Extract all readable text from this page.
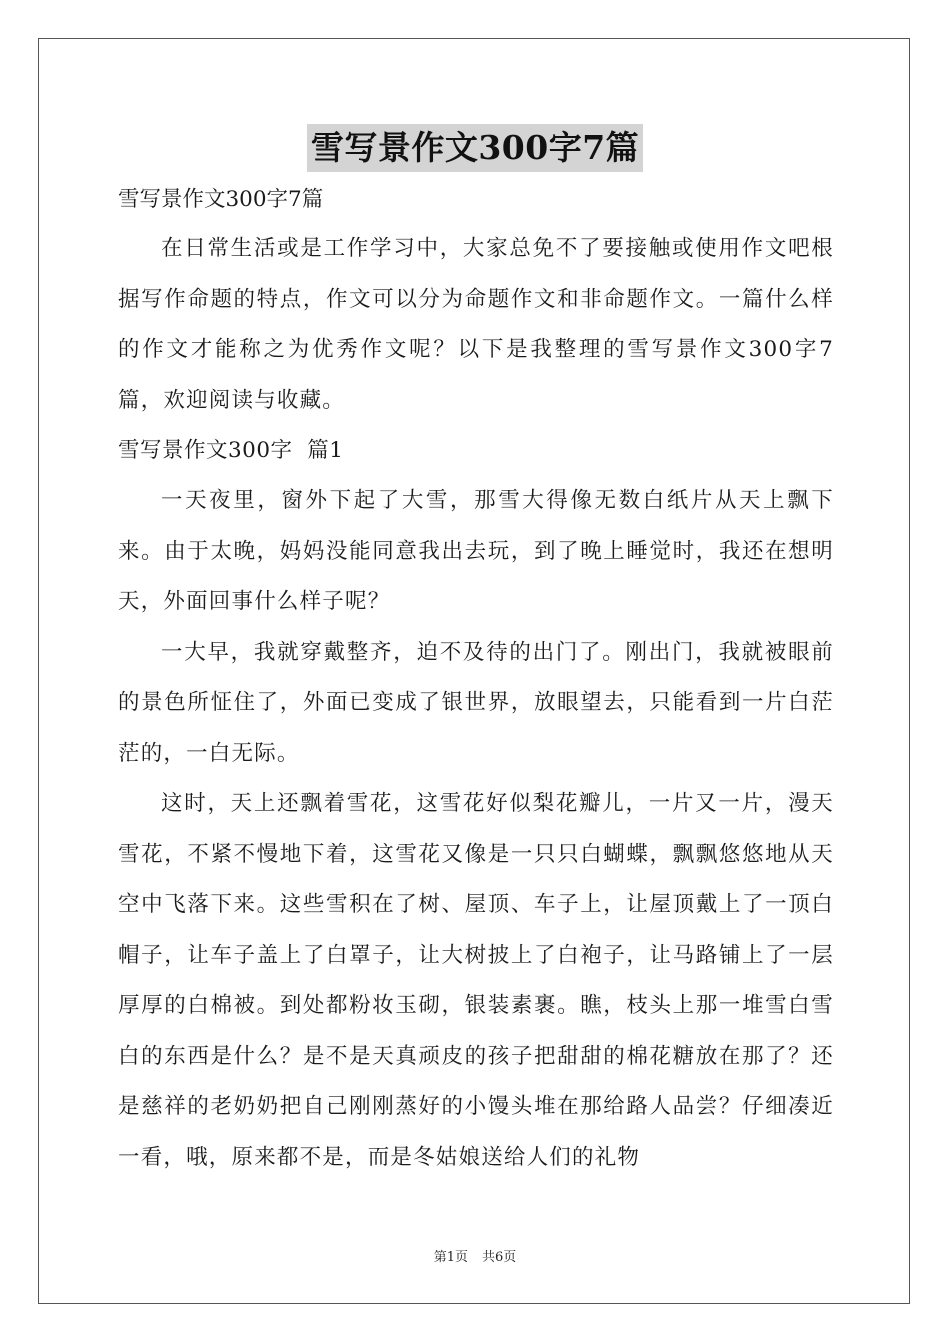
雪写景作文300字7篇

雪写景作文300字7篇

在日常生活或是工作学习中，大家总免不了要接触或使用作文吧根据写作命题的特点，作文可以分为命题作文和非命题作文。一篇什么样的作文才能称之为优秀作文呢？以下是我整理的雪写景作文300字7篇，欢迎阅读与收藏。

雪写景作文300字  篇1

一天夜里，窗外下起了大雪，那雪大得像无数白纸片从天上飘下来。由于太晚，妈妈没能同意我出去玩，到了晚上睡觉时，我还在想明天，外面回事什么样子呢？

一大早，我就穿戴整齐，迫不及待的出门了。刚出门，我就被眼前的景色所怔住了，外面已变成了银世界，放眼望去，只能看到一片白茫茫的，一白无际。

这时，天上还飘着雪花，这雪花好似梨花瓣儿，一片又一片，漫天雪花，不紧不慢地下着，这雪花又像是一只只白蝴蝶，飘飘悠悠地从天空中飞落下来。这些雪积在了树、屋顶、车子上，让屋顶戴上了一顶白帽子，让车子盖上了白罩子，让大树披上了白袍子，让马路铺上了一层厚厚的白棉被。到处都粉妆玉砌，银装素裹。瞧，枝头上那一堆雪白雪白的东西是什么？是不是天真顽皮的孩子把甜甜的棉花糖放在那了？还是慈祥的老奶奶把自己刚刚蒸好的小馒头堆在那给路人品尝？仔细凑近一看，哦，原来都不是，而是冬姑娘送给人们的礼物

第1页 共6页
